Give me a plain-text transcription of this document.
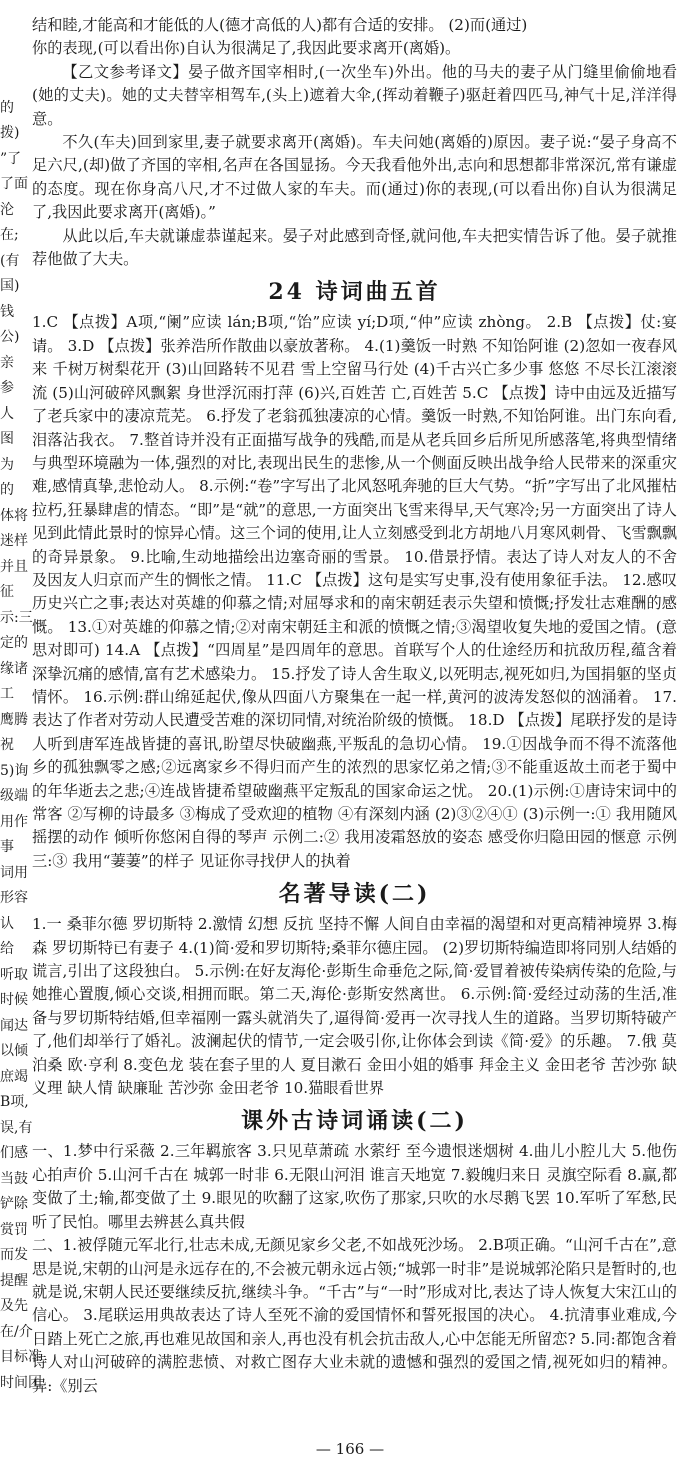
的
拨)
”了
了面
沦
在;
(有
国)
钱
公)
亲
参
人
图
为
的
体将
迷样
并且
征
示:三
定的
缘诸
工
鹰腾
祝
5)询
级端
用作
事
词用
形容
认
给
听取
时候
闻达
以倾
庶竭
B项,
误,有
们感
当鼓
铲除
赏罚
而发
提醒
及先
在/介
目标准
时间团

结和睦,才能高和才能低的人(德才高低的人)都有合适的安排。 (2)而(通过)

你的表现,(可以看出你)自认为很满足了,我因此要求离开(离婚)。

【乙文参考译文】晏子做齐国宰相时,(一次坐车)外出。他的马夫的妻子从门缝里偷偷地看(她的丈夫)。她的丈夫替宰相驾车,(头上)遮着大伞,(挥动着鞭子)驱赶着四匹马,神气十足,洋洋得意。

不久(车夫)回到家里,妻子就要求离开(离婚)。车夫问她(离婚的)原因。妻子说:“晏子身高不足六尺,(却)做了齐国的宰相,名声在各国显扬。今天我看他外出,志向和思想都非常深沉,常有谦虚的态度。现在你身高八尺,才不过做人家的车夫。而(通过)你的表现,(可以看出你)自认为很满足了,我因此要求离开(离婚)。”

从此以后,车夫就谦虚恭谨起来。晏子对此感到奇怪,就问他,车夫把实情告诉了他。晏子就推荐他做了大夫。

24 诗词曲五首

1.C 【点拨】A项,“阑”应读 lán;B项,“饴”应读 yí;D项,“仲”应读 zhòng。 2.B 【点拨】仗:宴请。 3.D 【点拨】张养浩所作散曲以豪放著称。 4.(1)羹饭一时熟 不知饴阿谁 (2)忽如一夜春风来 千树万树梨花开 (3)山回路转不见君 雪上空留马行处 (4)千古兴亡多少事 悠悠 不尽长江滚滚流 (5)山河破碎风飘絮 身世浮沉雨打萍 (6)兴,百姓苦 亡,百姓苦 5.C 【点拨】诗中由远及近描写了老兵家中的凄凉荒芜。 6.抒发了老翁孤独凄凉的心情。羹饭一时熟,不知饴阿谁。出门东向看,泪落沾我衣。 7.整首诗并没有正面描写战争的残酷,而是从老兵回乡后所见所感落笔,将典型情绪与典型环境融为一体,强烈的对比,表现出民生的悲惨,从一个侧面反映出战争给人民带来的深重灾难,感情真挚,悲怆动人。 8.示例:“卷”字写出了北风怒吼奔驰的巨大气势。“折”字写出了北风摧枯拉朽,狂暴肆虐的情态。“即”是“就”的意思,一方面突出飞雪来得早,天气寒冷;另一方面突出了诗人见到此情此景时的惊异心情。这三个词的使用,让人立刻感受到北方胡地八月寒风刺骨、飞雪飘飘的奇异景象。 9.比喻,生动地描绘出边塞奇丽的雪景。 10.借景抒情。表达了诗人对友人的不舍及因友人归京而产生的惆怅之情。 11.C 【点拨】这句是实写史事,没有使用象征手法。 12.感叹历史兴亡之事;表达对英雄的仰慕之情;对屈辱求和的南宋朝廷表示失望和愤慨;抒发壮志难酬的感慨。 13.①对英雄的仰慕之情;②对南宋朝廷主和派的愤慨之情;③渴望收复失地的爱国之情。(意思对即可) 14.A 【点拨】“四周星”是四周年的意思。首联写个人的仕途经历和抗敌历程,蕴含着深挚沉痛的感情,富有艺术感染力。 15.抒发了诗人舍生取义,以死明志,视死如归,为国捐躯的坚贞情怀。 16.示例:群山绵延起伏,像从四面八方聚集在一起一样,黄河的波涛发怒似的汹涌着。 17.表达了作者对劳动人民遭受苦难的深切同情,对统治阶级的愤慨。 18.D 【点拨】尾联抒发的是诗人听到唐军连战皆捷的喜讯,盼望尽快破幽燕,平叛乱的急切心情。 19.①因战争而不得不流落他乡的孤独飘零之感;②远离家乡不得归而产生的浓烈的思家忆弟之情;③不能重返故土而老于蜀中的年华逝去之悲;④连战皆捷希望破幽燕平定叛乱的国家命运之忧。 20.(1)示例:①唐诗宋词中的常客 ②写柳的诗最多 ③梅成了受欢迎的植物 ④有深刻内涵 (2)③②④① (3)示例一:① 我用随风摇摆的动作 倾听你悠闲自得的琴声 示例二:② 我用凌霜怒放的姿态 感受你归隐田园的惬意 示例三:③ 我用“萋萋”的样子 见证你寻找伊人的执着

名著导读(二)

1.一 桑菲尔德 罗切斯特 2.激情 幻想 反抗 坚持不懈 人间自由幸福的渴望和对更高精神境界 3.梅森 罗切斯特已有妻子 4.(1)简·爱和罗切斯特;桑菲尔德庄园。 (2)罗切斯特编造即将同别人结婚的谎言,引出了这段独白。 5.示例:在好友海伦·彭斯生命垂危之际,简·爱冒着被传染病传染的危险,与她推心置腹,倾心交谈,相拥而眠。第二天,海伦·彭斯安然离世。 6.示例:简·爱经过动荡的生活,准备与罗切斯特结婚,但幸福刚一露头就消失了,逼得简·爱再一次寻找人生的道路。当罗切斯特破产了,他们却举行了婚礼。波澜起伏的情节,一定会吸引你,让你体会到读《简·爱》的乐趣。 7.俄 莫泊桑 欧·亨利 8.变色龙 装在套子里的人 夏目漱石 金田小姐的婚事 拜金主义 金田老爷 苦沙弥 缺义理 缺人情 缺廉耻 苦沙弥 金田老爷 10.猫眼看世界

课外古诗词诵读(二)

一、1.梦中行采薇 2.三年羁旅客 3.只见草萧疏 水萦纡 至今遗恨迷烟树 4.曲儿小腔儿大 5.他伤心拍声价 5.山河千古在 城郭一时非 6.无限山河泪 谁言天地宽 7.毅魄归来日 灵旗空际看 8.赢,都变做了土;输,都变做了土 9.眼见的吹翻了这家,吹伤了那家,只吹的水尽鹅飞罢 10.军听了军愁,民听了民怕。哪里去辨甚么真共假

二、1.被俘随元军北行,壮志未成,无颜见家乡父老,不如战死沙场。 2.B项正确。“山河千古在”,意思是说,宋朝的山河是永远存在的,不会被元朝永远占领;“城郭一时非”是说城郭沦陷只是暂时的,也就是说,宋朝人民还要继续反抗,继续斗争。“千古”与“一时”形成对比,表达了诗人恢复大宋江山的信心。 3.尾联运用典故表达了诗人至死不渝的爱国情怀和誓死报国的决心。 4.抗清事业难成,今日踏上死亡之旅,再也难见故国和亲人,再也没有机会抗击敌人,心中怎能无所留恋? 5.同:都饱含着诗人对山河破碎的满腔悲愤、对救亡图存大业未就的遗憾和强烈的爱国之情,视死如归的精神。异:《别云

— 166 —
